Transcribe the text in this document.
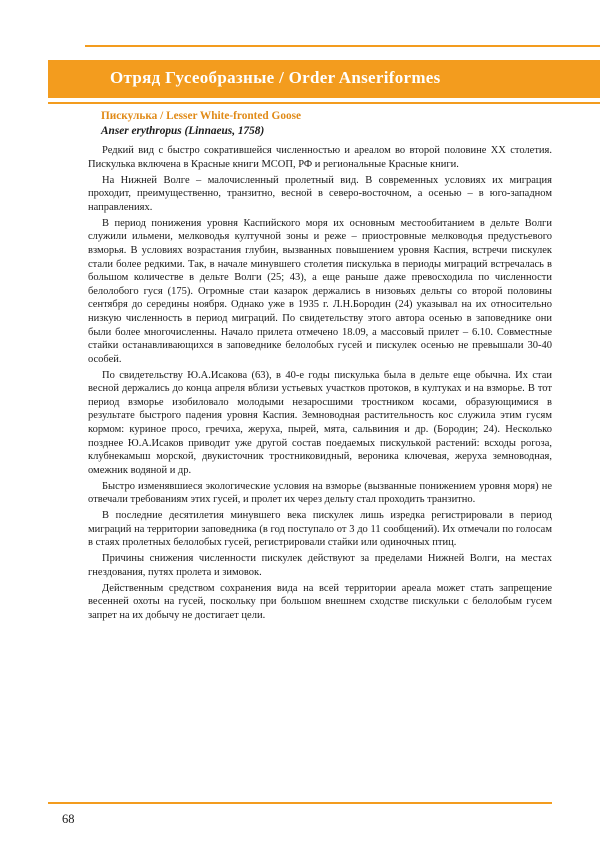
Отряд Гусеобразные / Order Anseriformes
Пискулька / Lesser White-fronted Goose
Anser erythropus (Linnaeus, 1758)

Редкий вид с быстро сократившейся численностью и ареалом во второй половине XX столетия. Пискулька включена в Красные книги МСОП, РФ и региональные Красные книги.

На Нижней Волге – малочисленный пролетный вид. В современных условиях их миграция проходит, преимущественно, транзитно, весной в северо-восточном, а осенью – в юго-западном направлениях.

В период понижения уровня Каспийского моря их основным местообитанием в дельте Волги служили ильмени, мелководья култучной зоны и реже – приостровные мелководья предустьевого взморья. В условиях возрастания глубин, вызванных повышением уровня Каспия, встречи пискулек стали более редкими. Так, в начале минувшего столетия пискулька в периоды миграций встречалась в большом количестве в дельте Волги (25; 43), а еще раньше даже превосходила по численности белолобого гуся (175). Огромные стаи казарок держались в низовьях дельты со второй половины сентября до середины ноября. Однако уже в 1935 г. Л.Н.Бородин (24) указывал на их относительно низкую численность в период миграций. По свидетельству этого автора осенью в заповеднике они были более многочисленны. Начало прилета отмечено 18.09, а массовый прилет – 6.10. Совместные стайки останавливающихся в заповеднике белолобых гусей и пискулек осенью не превышали 30-40 особей.

По свидетельству Ю.А.Исакова (63), в 40-е годы пискулька была в дельте еще обычна. Их стаи весной держались до конца апреля вблизи устьевых участков протоков, в култуках и на взморье. В тот период взморье изобиловало молодыми незаросшими тростником косами, образующимися в результате быстрого падения уровня Каспия. Земноводная растительность кос служила этим гусям кормом: куриное просо, гречиха, жеруха, пырей, мята, сальвиния и др. (Бородин; 24). Несколько позднее Ю.А.Исаков приводит уже другой состав поедаемых пискулькой растений: всходы рогоза, клубнекамыш морской, двукисточник тростниковидный, вероника ключевая, жеруха земноводная, омежник водяной и др.

Быстро изменявшиеся экологические условия на взморье (вызванные понижением уровня моря) не отвечали требованиям этих гусей, и пролет их через дельту стал проходить транзитно.

В последние десятилетия минувшего века пискулек лишь изредка регистрировали в период миграций на территории заповедника (в год поступало от 3 до 11 сообщений). Их отмечали по голосам в стаях пролетных белолобых гусей, регистрировали стайки или одиночных птиц.

Причины снижения численности пискулек действуют за пределами Нижней Волги, на местах гнездования, путях пролета и зимовок.

Действенным средством сохранения вида на всей территории ареала может стать запрещение весенней охоты на гусей, поскольку при большом внешнем сходстве пискульки с белолобым гусем запрет на их добычу не достигает цели.

68
